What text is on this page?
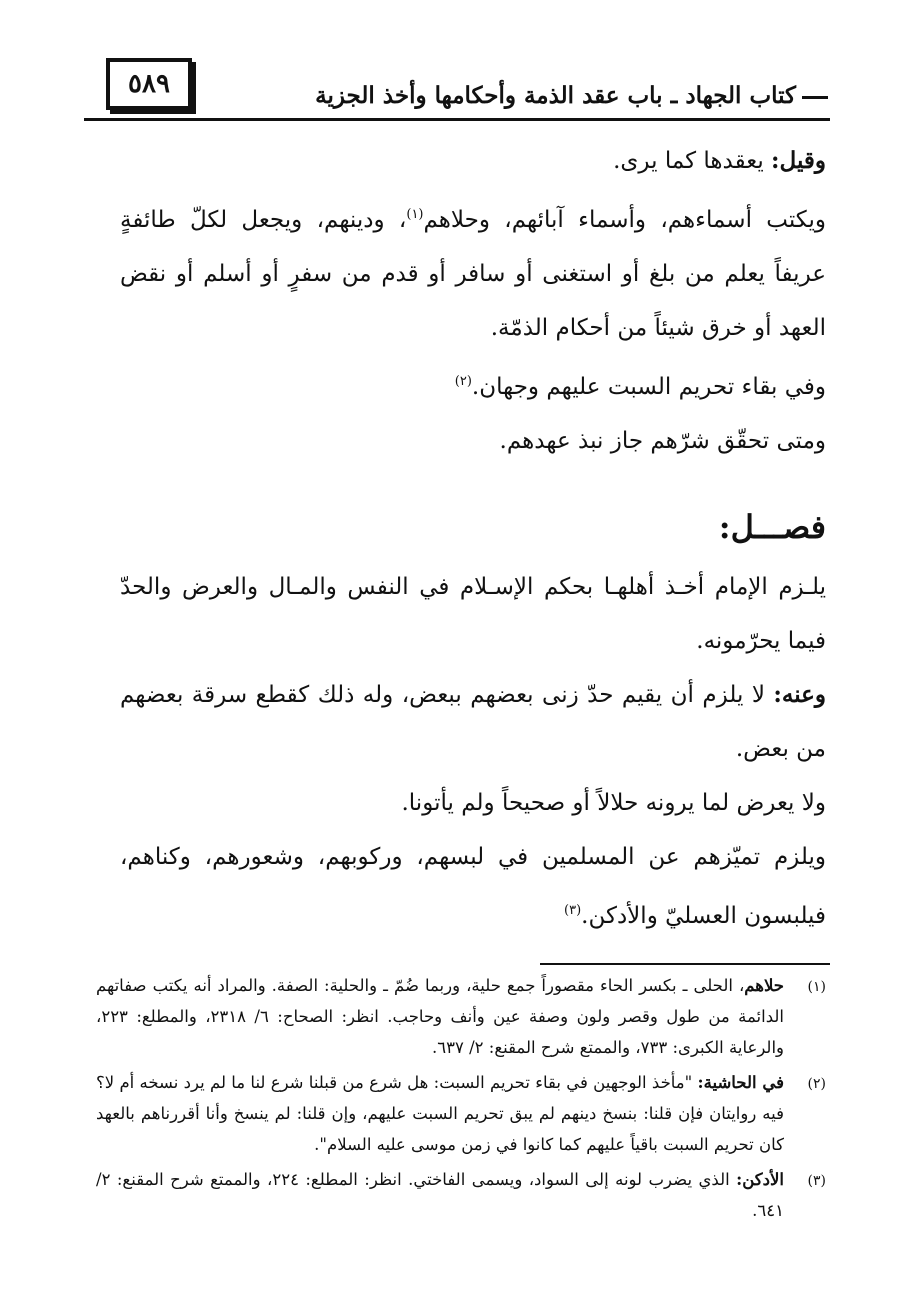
٥٨٩	كتاب الجهاد ـ باب عقد الذمة وأحكامها وأخذ الجزية

وقيل: يعقدها كما يرى.

ويكتب أسماءهم، وأسماء آبائهم، وحلاهم$^{(١)}$، ودينهم، ويجعل لكلّ طائفةٍ عريفاً يعلم من بلغ أو استغنى أو سافر أو قدم من سفرٍ أو أسلم أو نقض العهد أو خرق شيئاً من أحكام الذمّة.

وفي بقاء تحريم السبت عليهم وجهان.$^{(٢)}$

ومتى تحقّق شرّهم جاز نبذ عهدهم.

فصـــل:

يلـزم الإمام أخـذ أهلهـا بحكم الإسـلام في النفس والمـال والعرض والحدّ فيما يحرّمونه.

وعنه: لا يلزم أن يقيم حدّ زنى بعضهم ببعض، وله ذلك كقطع سرقة بعضهم من بعض.

ولا يعرض لما يرونه حلالاً أو صحيحاً ولم يأتونا.

ويلزم تميّزهم عن المسلمين في لبسهم، وركوبهم، وشعورهم، وكناهم، فيلبسون العسليّ والأدكن.$^{(٣)}$

(١)
حلاهم، الحلى ـ بكسر الحاء مقصوراً جمع حلية، وربما ضُمّ ـ والحلية: الصفة. والمراد أنه يكتب صفاتهم الدائمة من طول وقصر ولون وصفة عين وأنف وحاجب. انظر: الصحاح: ٦/ ٢٣١٨، والمطلع: ٢٢٣، والرعاية الكبرى: ٧٣٣، والممتع شرح المقنع: ٢/ ٦٣٧.
(٢)
في الحاشية: "مأخذ الوجهين في بقاء تحريم السبت: هل شرع من قبلنا شرع لنا ما لم يرد نسخه أم لا؟ فيه روايتان فإن قلنا: بنسخ دينهم لم يبق تحريم السبت عليهم، وإن قلنا: لم ينسخ وأنا أقررناهم بالعهد كان تحريم السبت باقياً عليهم كما كانوا في زمن موسى عليه السلام".
(٣)
الأدكن: الذي يضرب لونه إلى السواد، ويسمى الفاختي. انظر: المطلع: ٢٢٤، والممتع شرح المقنع: ٢/ ٦٤١.
